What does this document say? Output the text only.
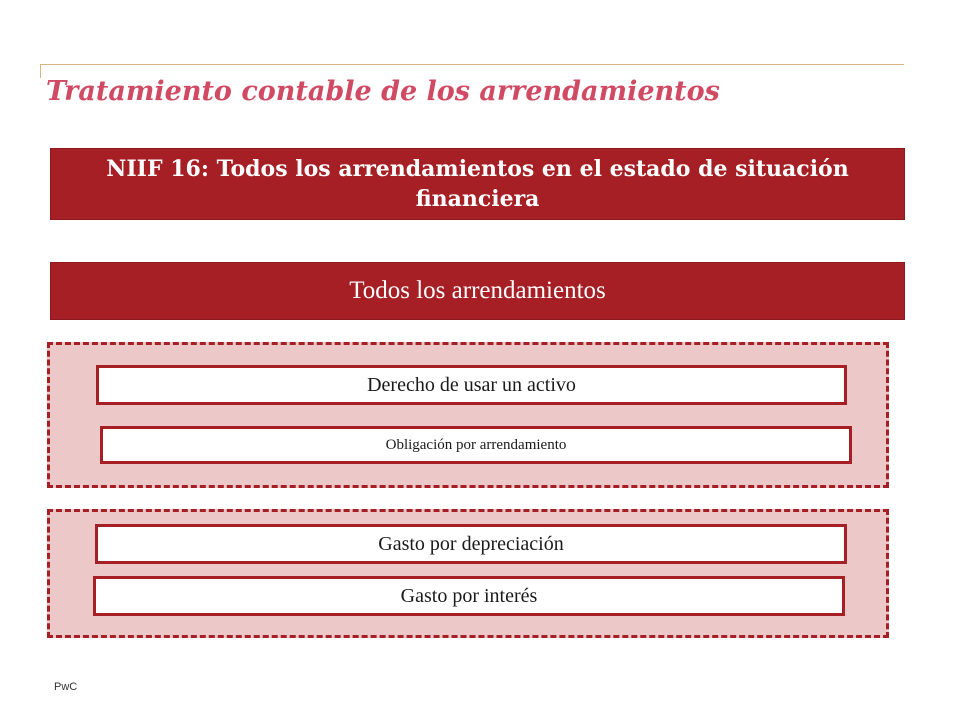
Tratamiento contable de los arrendamientos
NIIF 16: Todos los arrendamientos en el estado de situación financiera
Todos los arrendamientos
Derecho de usar un activo
Obligación por arrendamiento
Gasto por depreciación
Gasto por interés
PwC
